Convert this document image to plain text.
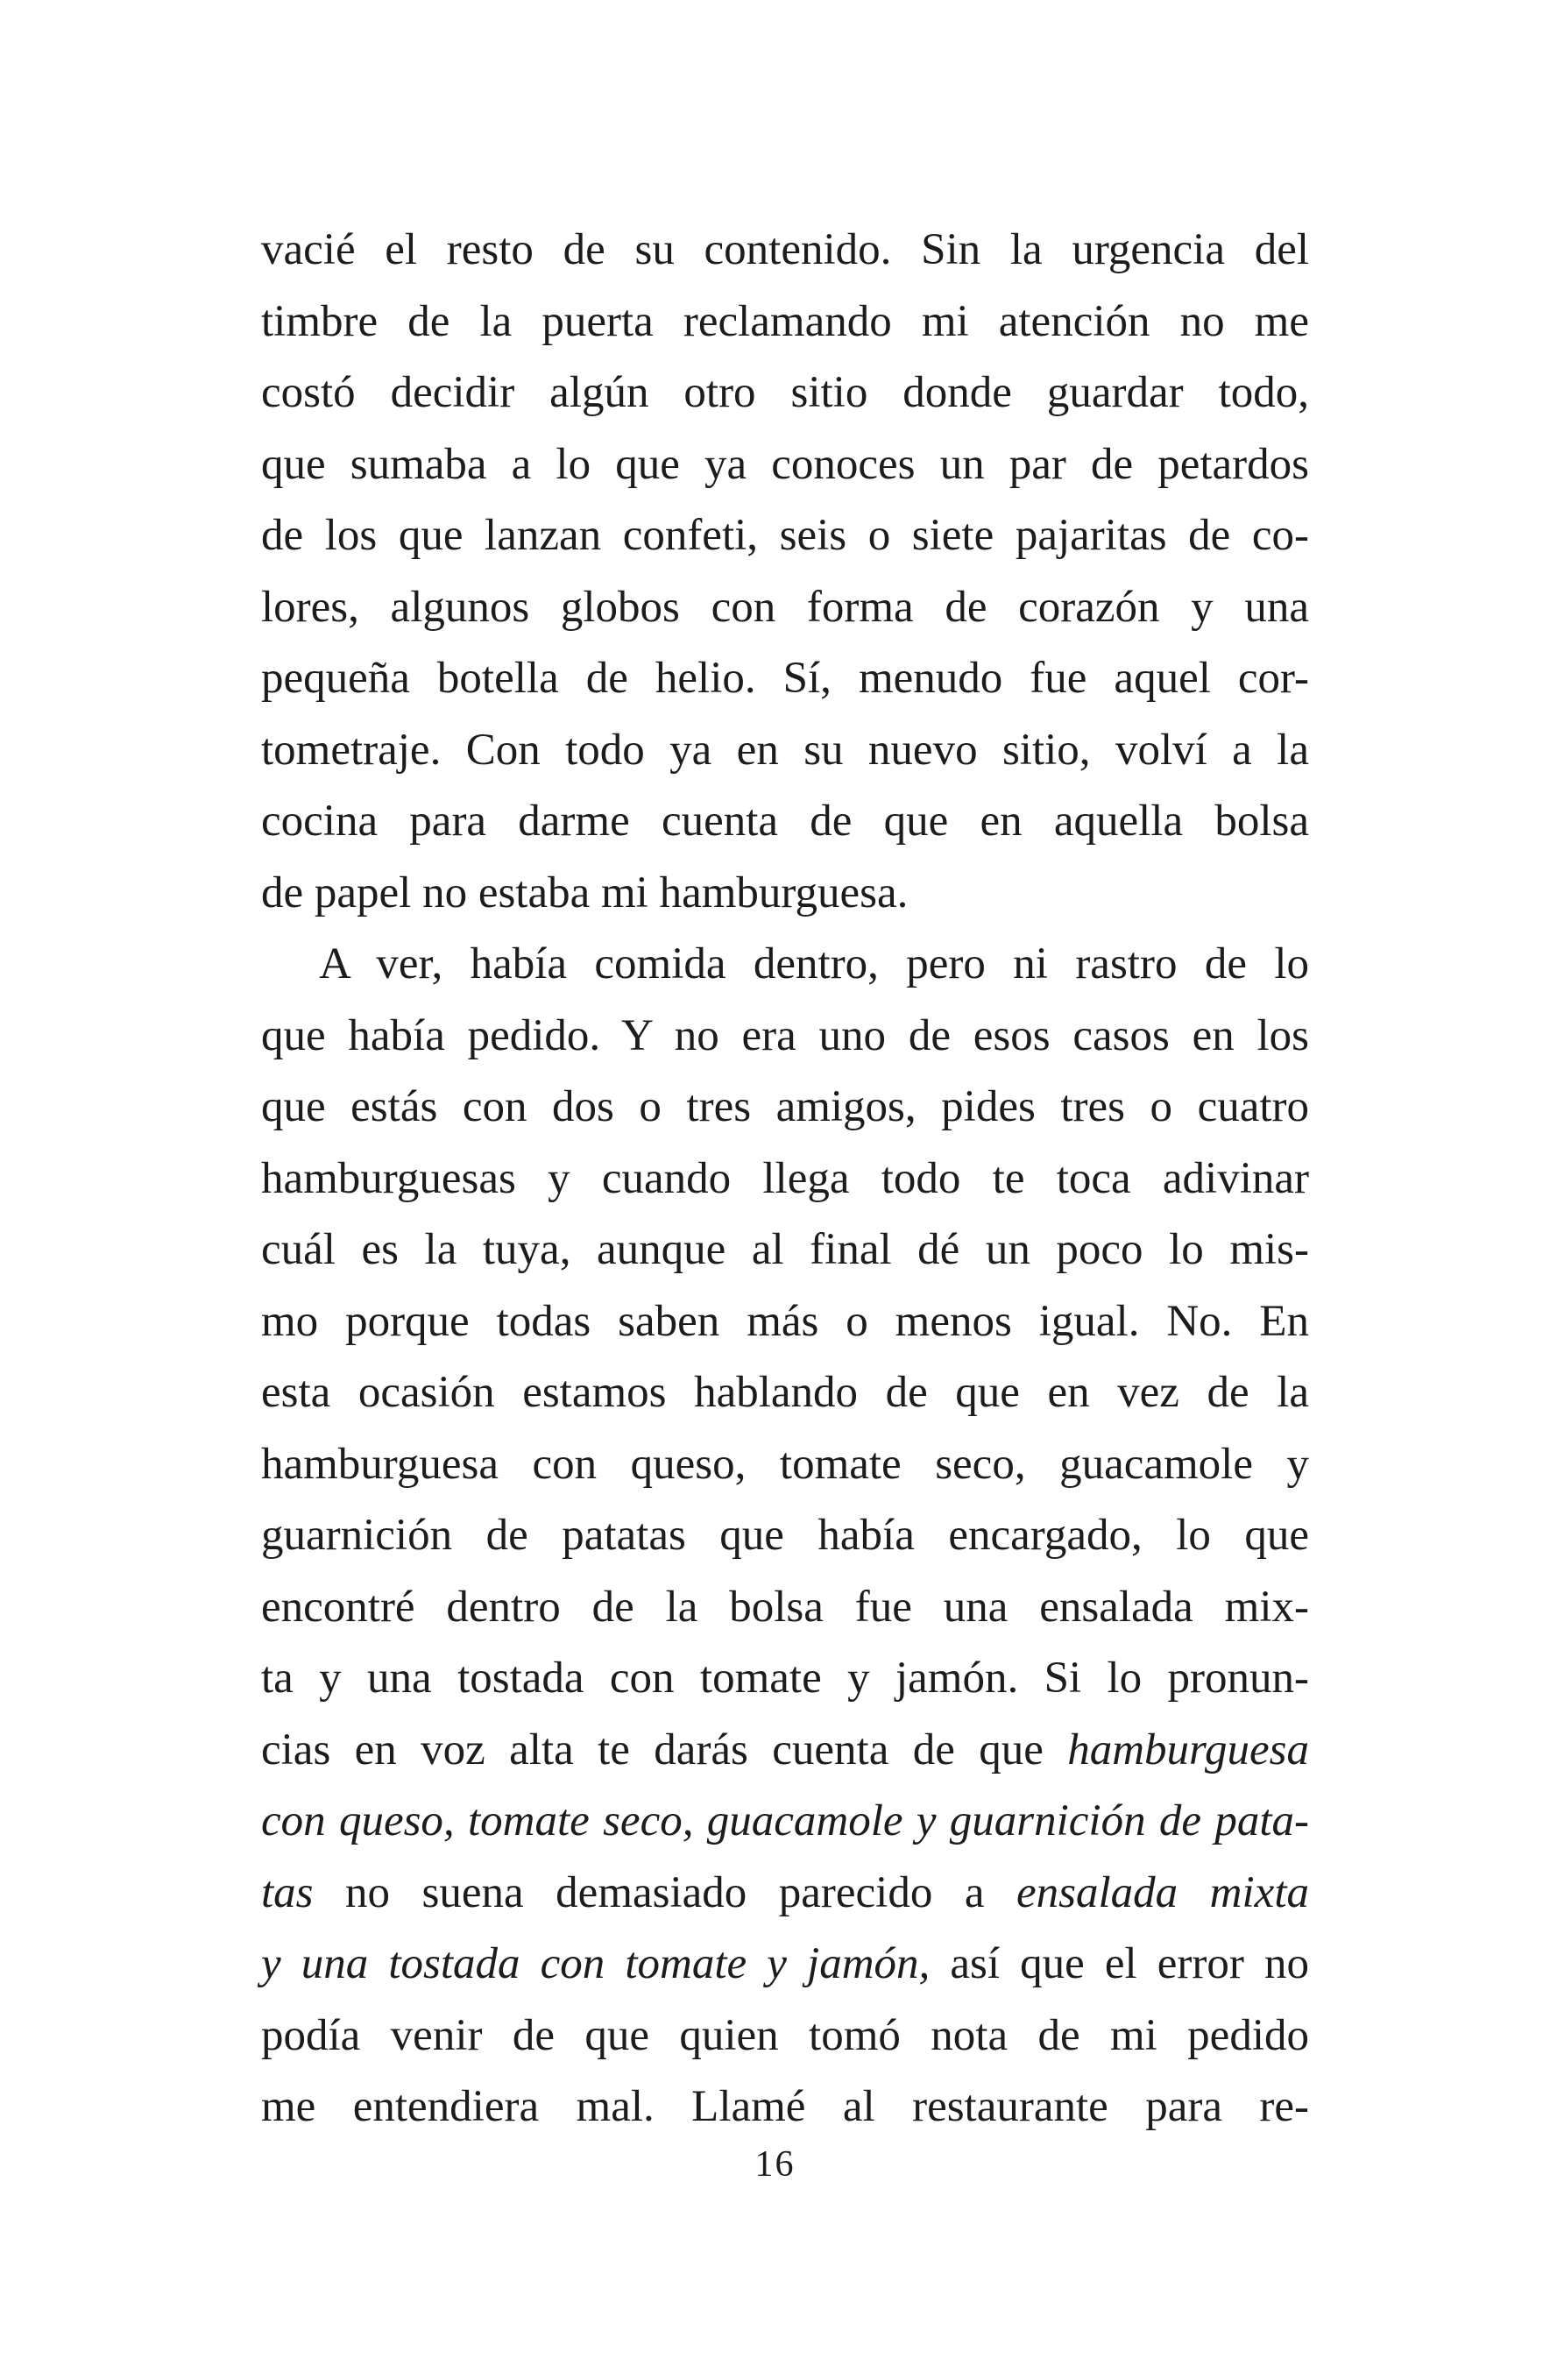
vacié el resto de su contenido. Sin la urgencia del
timbre de la puerta reclamando mi atención no me
costó decidir algún otro sitio donde guardar todo,
que sumaba a lo que ya conoces un par de petardos
de los que lanzan confeti, seis o siete pajaritas de co-
lores, algunos globos con forma de corazón y una
pequeña botella de helio. Sí, menudo fue aquel cor-
tometraje. Con todo ya en su nuevo sitio, volví a la
cocina para darme cuenta de que en aquella bolsa
de papel no estaba mi hamburguesa.
A ver, había comida dentro, pero ni rastro de lo
que había pedido. Y no era uno de esos casos en los
que estás con dos o tres amigos, pides tres o cuatro
hamburguesas y cuando llega todo te toca adivinar
cuál es la tuya, aunque al final dé un poco lo mis-
mo porque todas saben más o menos igual. No. En
esta ocasión estamos hablando de que en vez de la
hamburguesa con queso, tomate seco, guacamole y
guarnición de patatas que había encargado, lo que
encontré dentro de la bolsa fue una ensalada mix-
ta y una tostada con tomate y jamón. Si lo pronun-
cias en voz alta te darás cuenta de que hamburguesa
con queso, tomate seco, guacamole y guarnición de pata-
tas no suena demasiado parecido a ensalada mixta
y una tostada con tomate y jamón, así que el error no
podía venir de que quien tomó nota de mi pedido
me entendiera mal. Llamé al restaurante para re-
16
